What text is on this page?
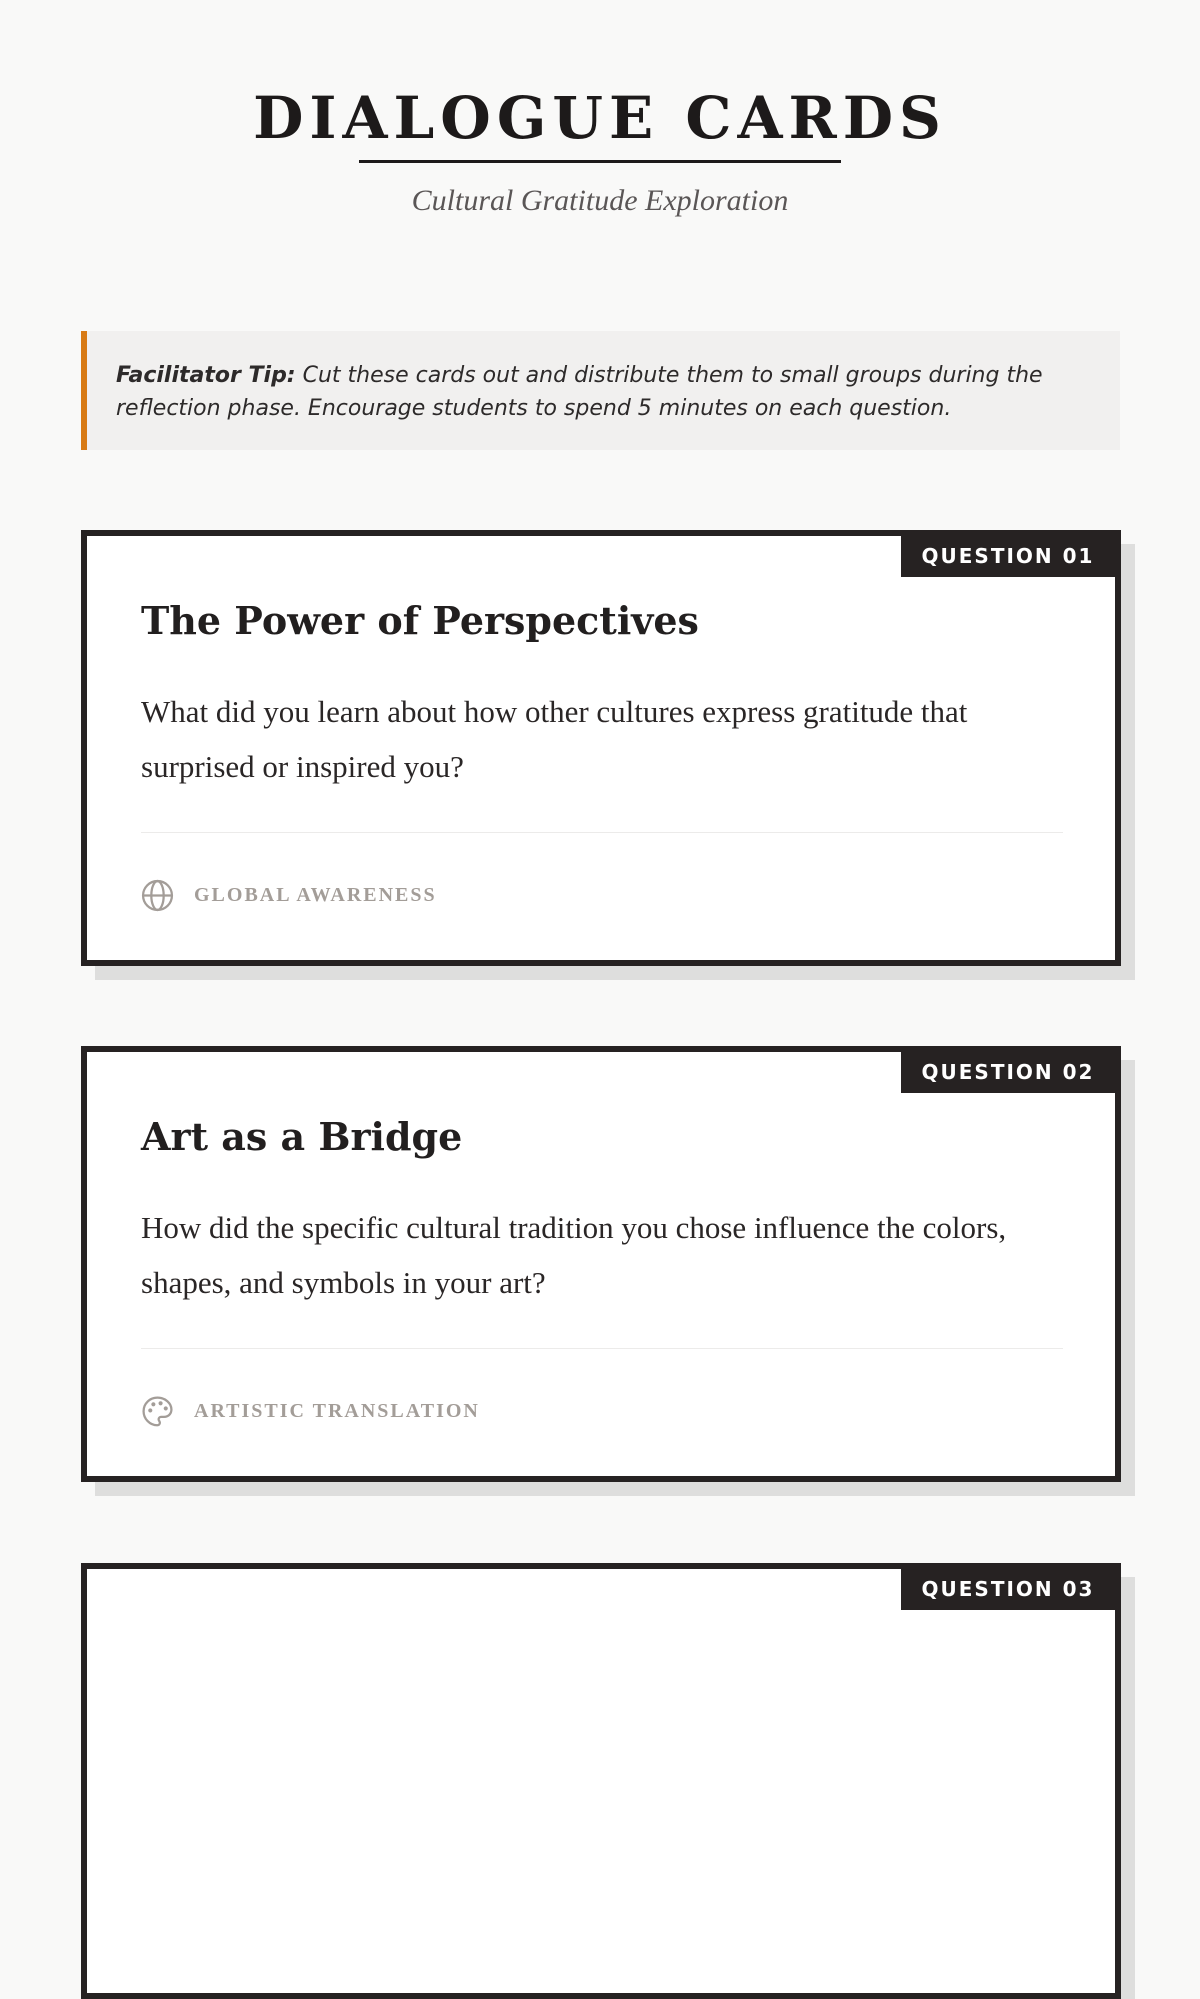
DIALOGUE CARDS
Cultural Gratitude Exploration
Facilitator Tip: Cut these cards out and distribute them to small groups during the reflection phase. Encourage students to spend 5 minutes on each question.
QUESTION 01
The Power of Perspectives

What did you learn about how other cultures express gratitude that surprised or inspired you?

GLOBAL AWARENESS
QUESTION 02
Art as a Bridge

How did the specific cultural tradition you chose influence the colors, shapes, and symbols in your art?

ARTISTIC TRANSLATION
QUESTION 03
